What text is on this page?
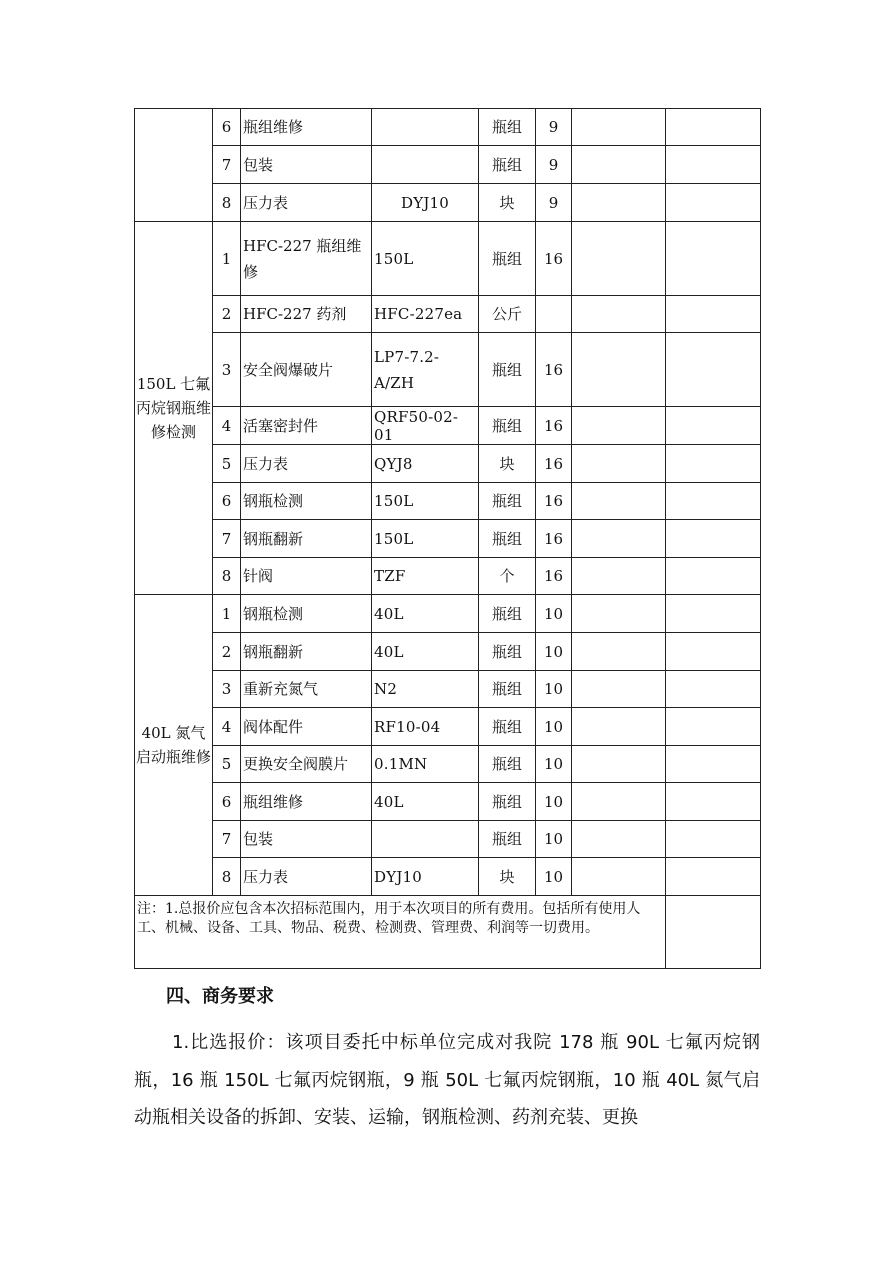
	6	瓶组维修		瓶组	9		
	7	包装		瓶组	9		
	8	压力表	DYJ10	块	9		
150L 七氟丙烷钢瓶维修检测	1	HFC-227 瓶组维修	150L	瓶组	16		
	2	HFC-227 药剂	HFC-227ea	公斤			
	3	安全阀爆破片	LP7-7.2-A/ZH	瓶组	16		
	4	活塞密封件	QRF50-02-01	瓶组	16		
	5	压力表	QYJ8	块	16		
	6	钢瓶检测	150L	瓶组	16		
	7	钢瓶翻新	150L	瓶组	16		
	8	针阀	TZF	个	16		
40L 氮气启动瓶维修	1	钢瓶检测	40L	瓶组	10		
	2	钢瓶翻新	40L	瓶组	10		
	3	重新充氮气	N2	瓶组	10		
	4	阀体配件	RF10-04	瓶组	10		
	5	更换安全阀膜片	0.1MN	瓶组	10		
	6	瓶组维修	40L	瓶组	10		
	7	包装		瓶组	10		
	8	压力表	DYJ10	块	10		
注：1.总报价应包含本次招标范围内，用于本次项目的所有费用。包括所有使用人工、机械、设备、工具、物品、税费、检测费、管理费、利润等一切费用。							
四、商务要求
1.比选报价：该项目委托中标单位完成对我院 178 瓶 90L 七氟丙烷钢瓶，16 瓶 150L 七氟丙烷钢瓶，9 瓶 50L 七氟丙烷钢瓶，10 瓶 40L 氮气启动瓶相关设备的拆卸、安装、运输，钢瓶检测、药剂充装、更换
